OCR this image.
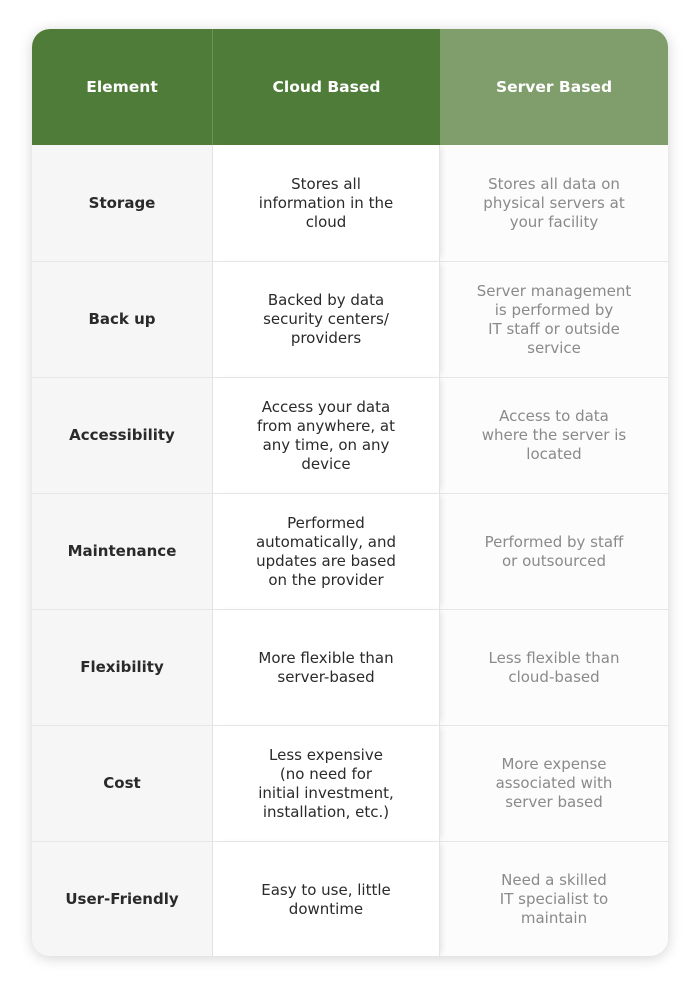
Element	Cloud Based	Server Based
Storage
Stores all
information in the
cloud
Stores all data on
physical servers at
your facility
Back up
Backed by data
security centers/
providers
Server management
is performed by
IT staff or outside
service
Accessibility
Access your data
from anywhere, at
any time, on any
device
Access to data
where the server is
located
Maintenance
Performed
automatically, and
updates are based
on the provider
Performed by staff
or outsourced
Flexibility
More flexible than
server-based
Less flexible than
cloud-based
Cost
Less expensive
(no need for
initial investment,
installation, etc.)
More expense
associated with
server based
User-Friendly
Easy to use, little
downtime
Need a skilled
IT specialist to
maintain
